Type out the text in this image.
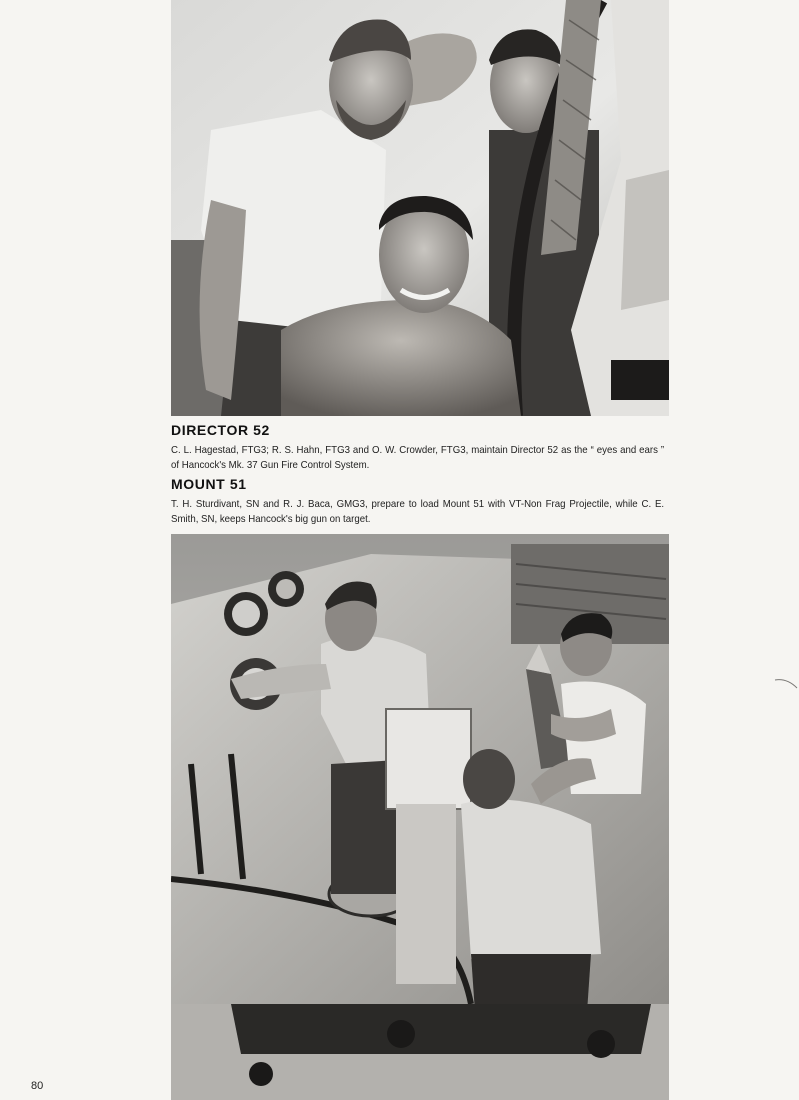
DIRECTOR 52

C. L. Hagestad, FTG3; R. S. Hahn, FTG3 and O. W. Crowder, FTG3, maintain Director 52 as the “ eyes and ears ” of Hancock's Mk. 37 Gun Fire Control System.

MOUNT 51

T. H. Sturdivant, SN and R. J. Baca, GMG3, prepare to load Mount 51 with VT-Non Frag Projectile, while C. E. Smith, SN, keeps Hancock's big gun on target.

80
